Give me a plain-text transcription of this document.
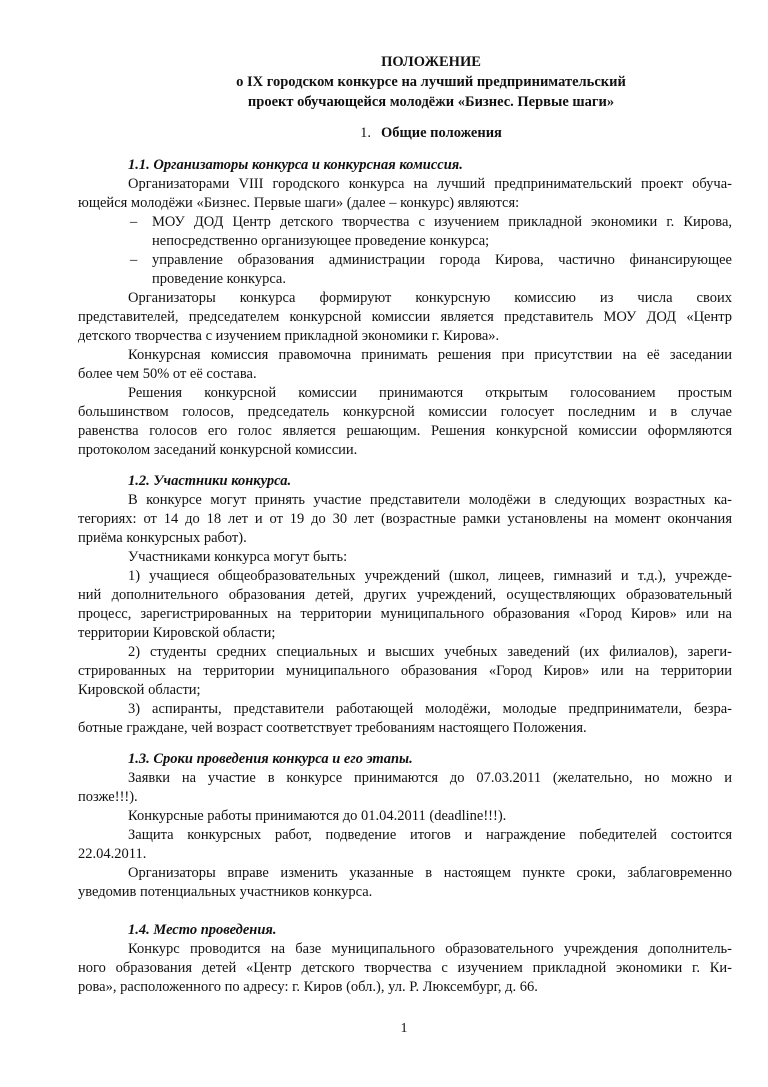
ПОЛОЖЕНИЕ
о IX городском конкурсе на лучший предпринимательский
проект обучающейся молодёжи «Бизнес. Первые шаги»
1. Общие положения
1.1. Организаторы конкурса и конкурсная комиссия.
Организаторами VIII городского конкурса на лучший предпринимательский проект обуча-
ющейся молодёжи «Бизнес. Первые шаги» (далее – конкурс) являются:
– МОУ ДОД Центр детского творчества с изучением прикладной экономики г. Кирова,
непосредственно организующее проведение конкурса;
– управление образования администрации города Кирова, частично финансирующее
проведение конкурса.
Организаторы конкурса формируют конкурсную комиссию из числа своих
представителей, председателем конкурсной комиссии является представитель МОУ ДОД «Центр
детского творчества с изучением прикладной экономики г. Кирова».
Конкурсная комиссия правомочна принимать решения при присутствии на её заседании
более чем 50% от её состава.
Решения конкурсной комиссии принимаются открытым голосованием простым
большинством голосов, председатель конкурсной комиссии голосует последним и в случае
равенства голосов его голос является решающим. Решения конкурсной комиссии оформляются
протоколом заседаний конкурсной комиссии.
1.2. Участники конкурса.
В конкурсе могут принять участие представители молодёжи в следующих возрастных ка-
тегориях: от 14 до 18 лет и от 19 до 30 лет (возрастные рамки установлены на момент окончания
приёма конкурсных работ).
Участниками конкурса могут быть:
1) учащиеся общеобразовательных учреждений (школ, лицеев, гимназий и т.д.), учрежде-
ний дополнительного образования детей, других учреждений, осуществляющих образовательный
процесс, зарегистрированных на территории муниципального образования «Город Киров» или на
территории Кировской области;
2) студенты средних специальных и высших учебных заведений (их филиалов), зареги-
стрированных на территории муниципального образования «Город Киров» или на территории
Кировской области;
3) аспиранты, представители работающей молодёжи, молодые предприниматели, безра-
ботные граждане, чей возраст соответствует требованиям настоящего Положения.
1.3. Сроки проведения конкурса и его этапы.
Заявки на участие в конкурсе принимаются до 07.03.2011 (желательно, но можно и
позже!!!).
Конкурсные работы принимаются до 01.04.2011 (deadline!!!).
Защита конкурсных работ, подведение итогов и награждение победителей состоится
22.04.2011.
Организаторы вправе изменить указанные в настоящем пункте сроки, заблаговременно
уведомив потенциальных участников конкурса.
1.4. Место проведения.
Конкурс проводится на базе муниципального образовательного учреждения дополнитель-
ного образования детей «Центр детского творчества с изучением прикладной экономики г. Ки-
рова», расположенного по адресу: г. Киров (обл.), ул. Р. Люксембург, д. 66.
1
